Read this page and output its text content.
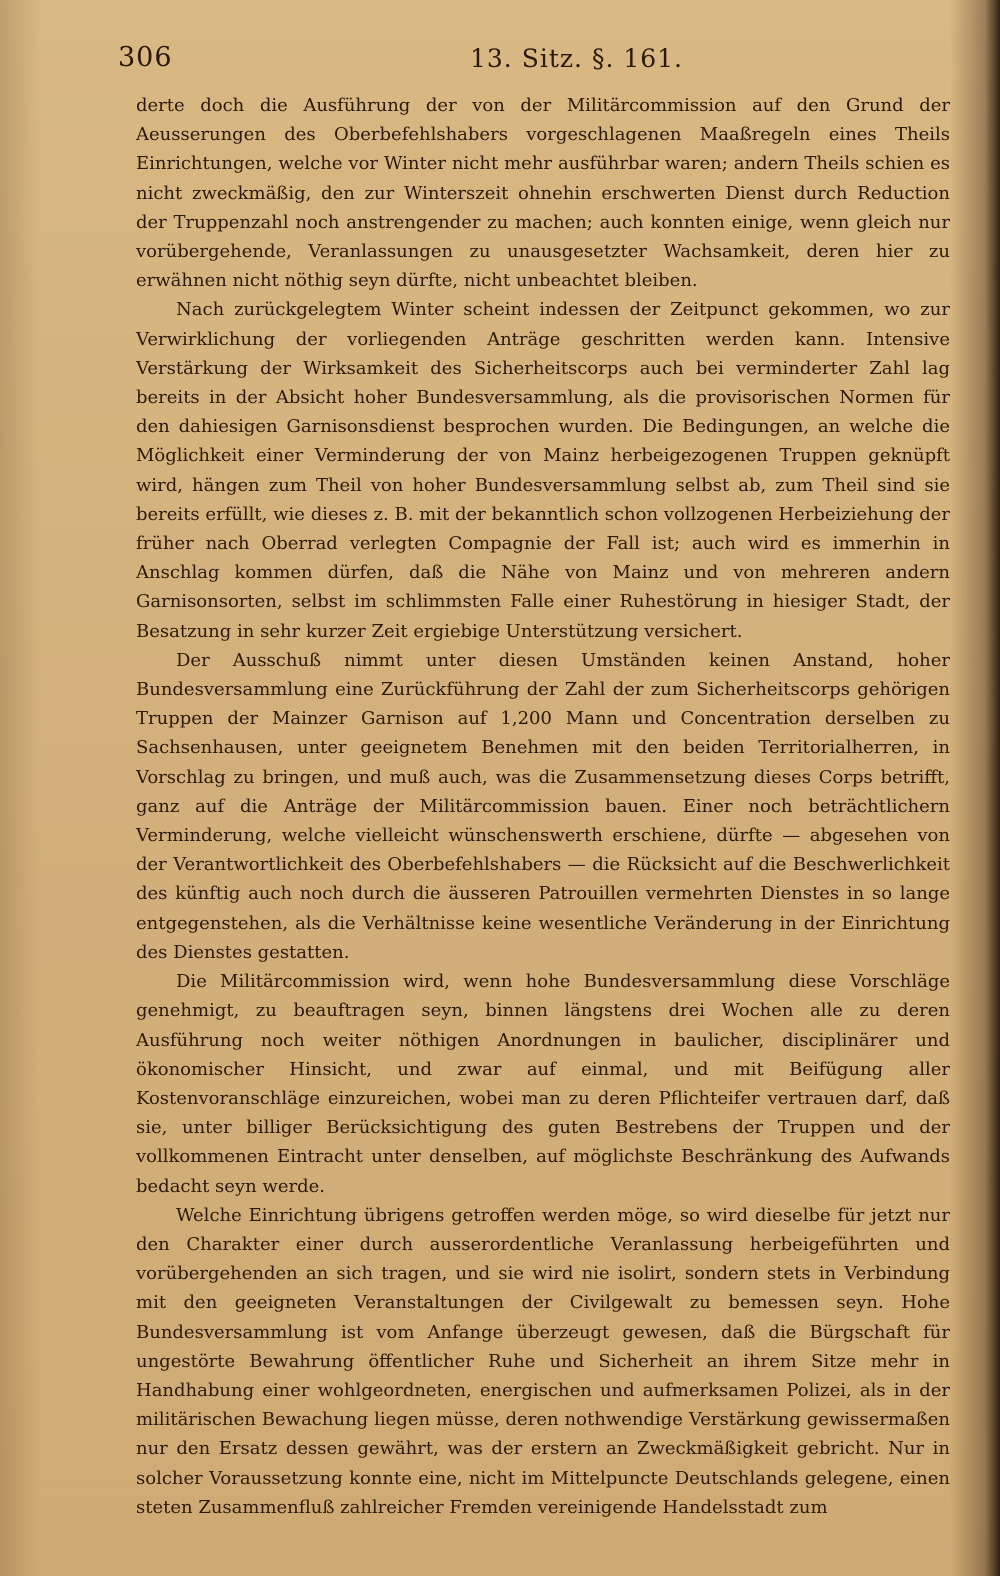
306	13. Sitz. §. 161.

derte doch die Ausführung der von der Militärcommission auf den Grund der Aeusserungen des Oberbefehlshabers vorgeschlagenen Maaßregeln eines Theils Einrichtungen, welche vor Winter nicht mehr ausführbar waren; andern Theils schien es nicht zweckmäßig, den zur Winterszeit ohnehin erschwerten Dienst durch Reduction der Truppenzahl noch anstrengender zu machen; auch konnten einige, wenn gleich nur vorübergehende, Veranlassungen zu unausgesetzter Wachsamkeit, deren hier zu erwähnen nicht nöthig seyn dürfte, nicht unbeachtet bleiben.

Nach zurückgelegtem Winter scheint indessen der Zeitpunct gekommen, wo zur Verwirklichung der vorliegenden Anträge geschritten werden kann. Intensive Verstärkung der Wirksamkeit des Sicherheitscorps auch bei verminderter Zahl lag bereits in der Absicht hoher Bundesversammlung, als die provisorischen Normen für den dahiesigen Garnisonsdienst besprochen wurden. Die Bedingungen, an welche die Möglichkeit einer Verminderung der von Mainz herbeigezogenen Truppen geknüpft wird, hängen zum Theil von hoher Bundesversammlung selbst ab, zum Theil sind sie bereits erfüllt, wie dieses z. B. mit der bekanntlich schon vollzogenen Herbeiziehung der früher nach Oberrad verlegten Compagnie der Fall ist; auch wird es immerhin in Anschlag kommen dürfen, daß die Nähe von Mainz und von mehreren andern Garnisonsorten, selbst im schlimmsten Falle einer Ruhestörung in hiesiger Stadt, der Besatzung in sehr kurzer Zeit ergiebige Unterstützung versichert.

Der Ausschuß nimmt unter diesen Umständen keinen Anstand, hoher Bundesversammlung eine Zurückführung der Zahl der zum Sicherheitscorps gehörigen Truppen der Mainzer Garnison auf 1,200 Mann und Concentration derselben zu Sachsenhausen, unter geeignetem Benehmen mit den beiden Territorialherren, in Vorschlag zu bringen, und muß auch, was die Zusammensetzung dieses Corps betrifft, ganz auf die Anträge der Militärcommission bauen. Einer noch beträchtlichern Verminderung, welche vielleicht wünschenswerth erschiene, dürfte — abgesehen von der Verantwortlichkeit des Oberbefehlshabers — die Rücksicht auf die Beschwerlichkeit des künftig auch noch durch die äusseren Patrouillen vermehrten Dienstes in so lange entgegenstehen, als die Verhältnisse keine wesentliche Veränderung in der Einrichtung des Dienstes gestatten.

Die Militärcommission wird, wenn hohe Bundesversammlung diese Vorschläge genehmigt, zu beauftragen seyn, binnen längstens drei Wochen alle zu deren Ausführung noch weiter nöthigen Anordnungen in baulicher, disciplinärer und ökonomischer Hinsicht, und zwar auf einmal, und mit Beifügung aller Kostenvoranschläge einzureichen, wobei man zu deren Pflichteifer vertrauen darf, daß sie, unter billiger Berücksichtigung des guten Bestrebens der Truppen und der vollkommenen Eintracht unter denselben, auf möglichste Beschränkung des Aufwands bedacht seyn werde.

Welche Einrichtung übrigens getroffen werden möge, so wird dieselbe für jetzt nur den Charakter einer durch ausserordentliche Veranlassung herbeigeführten und vorübergehenden an sich tragen, und sie wird nie isolirt, sondern stets in Verbindung mit den geeigneten Veranstaltungen der Civilgewalt zu bemessen seyn. Hohe Bundesversammlung ist vom Anfange überzeugt gewesen, daß die Bürgschaft für ungestörte Bewahrung öffentlicher Ruhe und Sicherheit an ihrem Sitze mehr in Handhabung einer wohlgeordneten, energischen und aufmerksamen Polizei, als in der militärischen Bewachung liegen müsse, deren nothwendige Verstärkung gewissermaßen nur den Ersatz dessen gewährt, was der erstern an Zweckmäßigkeit gebricht. Nur in solcher Voraussetzung konnte eine, nicht im Mittelpuncte Deutschlands gelegene, einen steten Zusammenfluß zahlreicher Fremden vereinigende Handelsstadt zum
